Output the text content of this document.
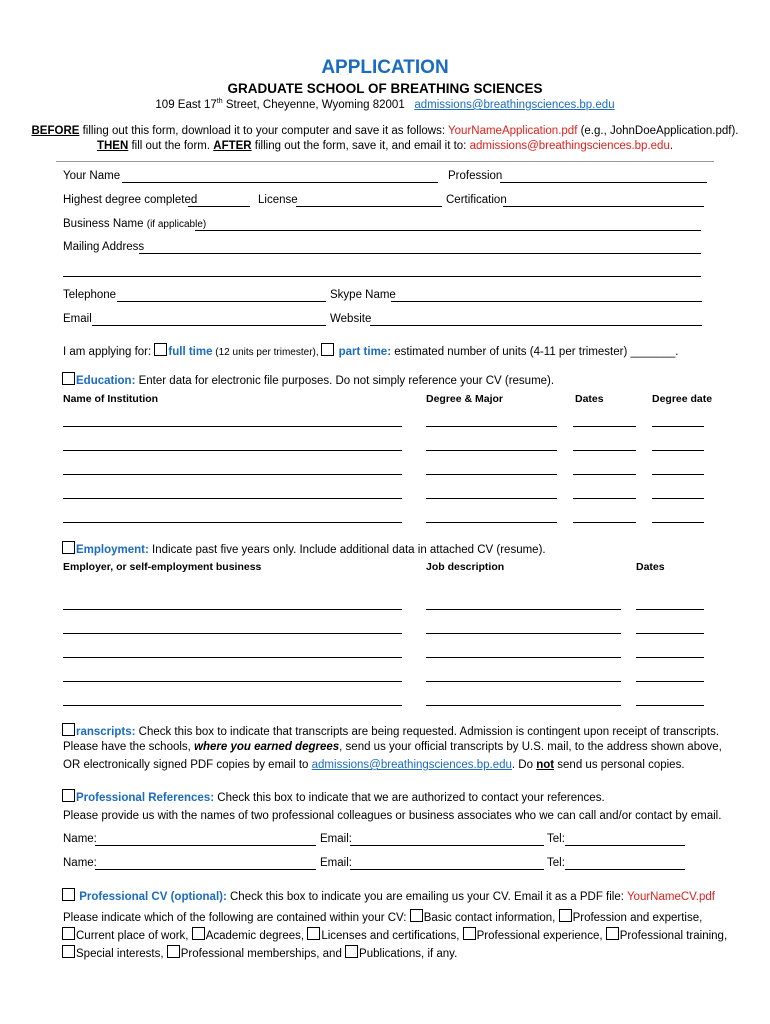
APPLICATION
GRADUATE SCHOOL OF BREATHING SCIENCES
109 East 17th Street, Cheyenne, Wyoming 82001 admissions@breathingsciences.bp.edu
BEFORE filling out this form, download it to your computer and save it as follows: YourNameApplication.pdf (e.g., JohnDoeApplication.pdf).
THEN fill out the form. AFTER filling out the form, save it, and email it to: admissions@breathingsciences.bp.edu.
Your Name	Profession
Highest degree completed	License	Certification
Business Name (if applicable)
Mailing Address
Telephone	Skype Name
Email	Website
I am applying for: full time (12 units per trimester),  part time: estimated number of units (4-11 per trimester) _______.
Education: Enter data for electronic file purposes. Do not simply reference your CV (resume).
Name of Institution	Degree & Major	Dates	Degree date
Employment: Indicate past five years only. Include additional data in attached CV (resume).
Employer, or self-employment business	Job description	Dates
ranscripts: Check this box to indicate that transcripts are being requested. Admission is contingent upon receipt of transcripts.
Please have the schools, where you earned degrees, send us your official transcripts by U.S. mail, to the address shown above,
OR electronically signed PDF copies by email to admissions@breathingsciences.bp.edu. Do not send us personal copies.
Professional References: Check this box to indicate that we are authorized to contact your references.
Please provide us with the names of two professional colleagues or business associates who we can call and/or contact by email.
Name:	Email:	Tel:
Name:	Email:	Tel:
Professional CV (optional): Check this box to indicate you are emailing us your CV. Email it as a PDF file: YourNameCV.pdf
Please indicate which of the following are contained within your CV: Basic contact information, Profession and expertise,
Current place of work, Academic degrees, Licenses and certifications, Professional experience, Professional training,
Special interests, Professional memberships, and Publications, if any.
